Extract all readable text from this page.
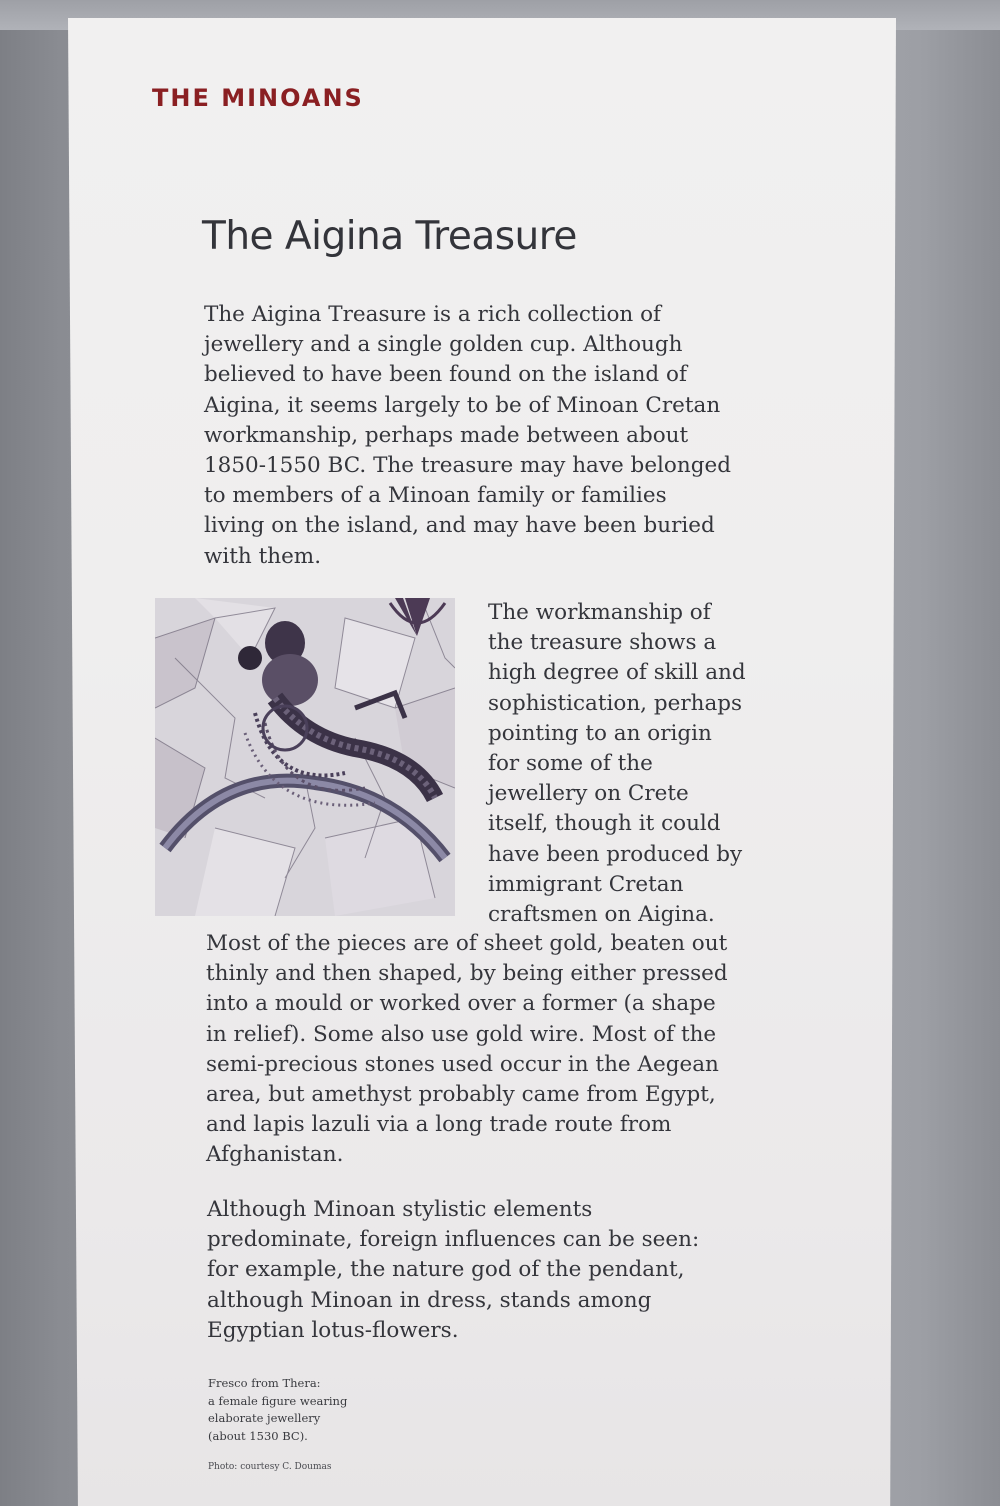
THE MINOANS
The Aigina Treasure
The Aigina Treasure is a rich collection of
jewellery and a single golden cup. Although
believed to have been found on the island of
Aigina, it seems largely to be of Minoan Cretan
workmanship, perhaps made between about
1850-1550 BC. The treasure may have belonged
to members of a Minoan family or families
living on the island, and may have been buried
with them.
The workmanship of
the treasure shows a
high degree of skill and
sophistication, perhaps
pointing to an origin
for some of the
jewellery on Crete
itself, though it could
have been produced by
immigrant Cretan
craftsmen on Aigina.
Most of the pieces are of sheet gold, beaten out
thinly and then shaped, by being either pressed
into a mould or worked over a former (a shape
in relief). Some also use gold wire. Most of the
semi-precious stones used occur in the Aegean
area, but amethyst probably came from Egypt,
and lapis lazuli via a long trade route from
Afghanistan.
Although Minoan stylistic elements
predominate, foreign influences can be seen:
for example, the nature god of the pendant,
although Minoan in dress, stands among
Egyptian lotus-flowers.
Fresco from Thera:
a female figure wearing
elaborate jewellery
(about 1530 BC).
Photo: courtesy C. Doumas
